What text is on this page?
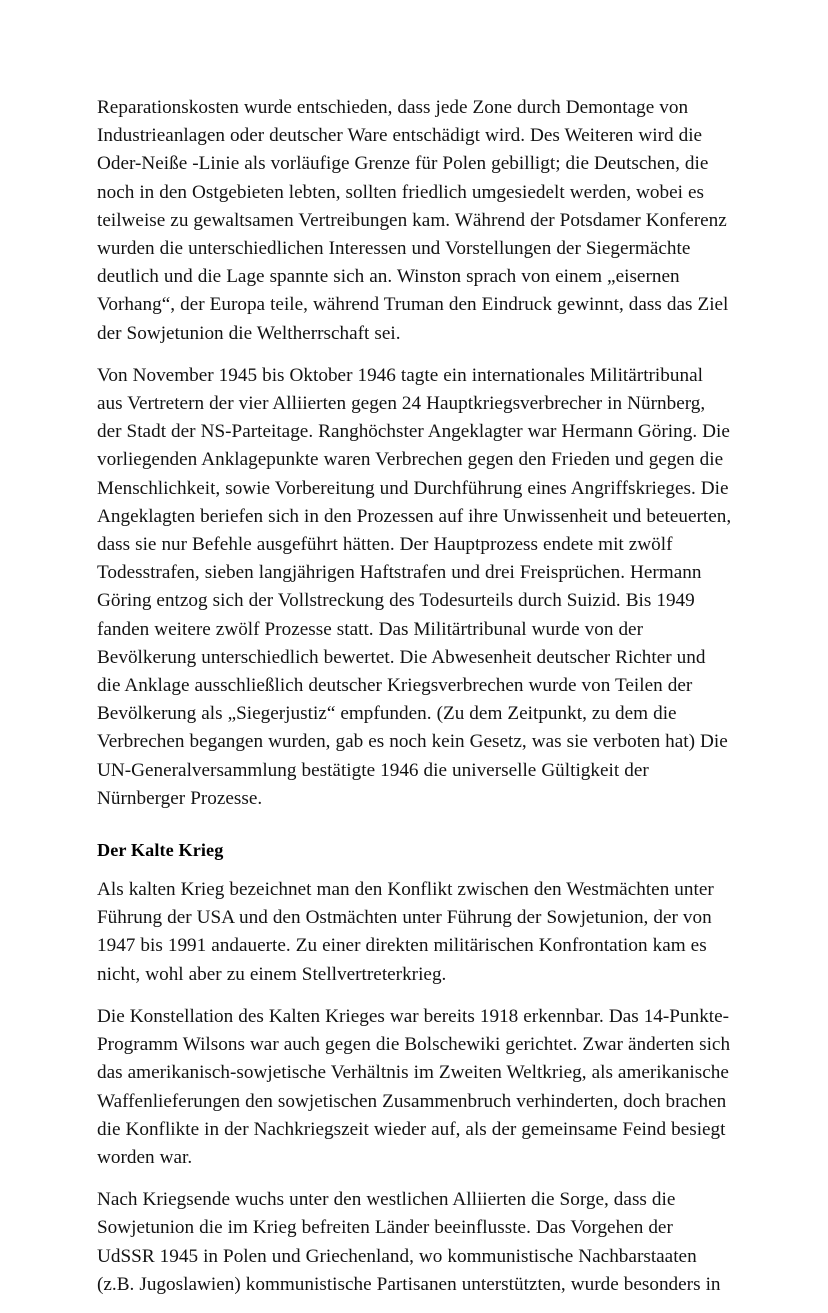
Reparationskosten wurde entschieden, dass jede Zone durch Demontage von Industrieanlagen oder deutscher Ware entschädigt wird. Des Weiteren wird die Oder-Neiße -Linie als vorläufige Grenze für Polen gebilligt; die Deutschen, die noch in den Ostgebieten lebten, sollten friedlich umgesiedelt werden, wobei es teilweise zu gewaltsamen Vertreibungen kam. Während der Potsdamer Konferenz wurden die unterschiedlichen Interessen und Vorstellungen der Siegermächte deutlich und die Lage spannte sich an. Winston sprach von einem „eisernen Vorhang“, der Europa teile, während Truman den Eindruck gewinnt, dass das Ziel der Sowjetunion die Weltherrschaft sei.

Von November 1945 bis Oktober 1946 tagte ein internationales Militärtribunal aus Vertretern der vier Alliierten gegen 24 Hauptkriegsverbrecher in Nürnberg, der Stadt der NS-Parteitage. Ranghöchster Angeklagter war Hermann Göring. Die vorliegenden Anklagepunkte waren Verbrechen gegen den Frieden und gegen die Menschlichkeit, sowie Vorbereitung und Durchführung eines Angriffskrieges. Die Angeklagten beriefen sich in den Prozessen auf ihre Unwissenheit und beteuerten, dass sie nur Befehle ausgeführt hätten. Der Hauptprozess endete mit zwölf Todesstrafen, sieben langjährigen Haftstrafen und drei Freisprüchen. Hermann Göring entzog sich der Vollstreckung des Todesurteils durch Suizid. Bis 1949 fanden weitere zwölf Prozesse statt. Das Militärtribunal wurde von der Bevölkerung unterschiedlich bewertet. Die Abwesenheit deutscher Richter und die Anklage ausschließlich deutscher Kriegsverbrechen wurde von Teilen der Bevölkerung als „Siegerjustiz“ empfunden. (Zu dem Zeitpunkt, zu dem die Verbrechen begangen wurden, gab es noch kein Gesetz, was sie verboten hat) Die UN-Generalversammlung bestätigte 1946 die universelle Gültigkeit der Nürnberger Prozesse.

Der Kalte Krieg

Als kalten Krieg bezeichnet man den Konflikt zwischen den Westmächten unter Führung der USA und den Ostmächten unter Führung der Sowjetunion, der von 1947 bis 1991 andauerte. Zu einer direkten militärischen Konfrontation kam es nicht, wohl aber zu einem Stellvertreterkrieg.

Die Konstellation des Kalten Krieges war bereits 1918 erkennbar. Das 14-Punkte-Programm Wilsons war auch gegen die Bolschewiki gerichtet. Zwar änderten sich das amerikanisch-sowjetische Verhältnis im Zweiten Weltkrieg, als amerikanische Waffenlieferungen den sowjetischen Zusammenbruch verhinderten, doch brachen die Konflikte in der Nachkriegszeit wieder auf, als der gemeinsame Feind besiegt worden war.

Nach Kriegsende wuchs unter den westlichen Alliierten die Sorge, dass die Sowjetunion die im Krieg befreiten Länder beeinflusste. Das Vorgehen der UdSSR 1945 in Polen und Griechenland, wo kommunistische Nachbarstaaten (z.B. Jugoslawien) kommunistische Partisanen unterstützten, wurde besonders in
